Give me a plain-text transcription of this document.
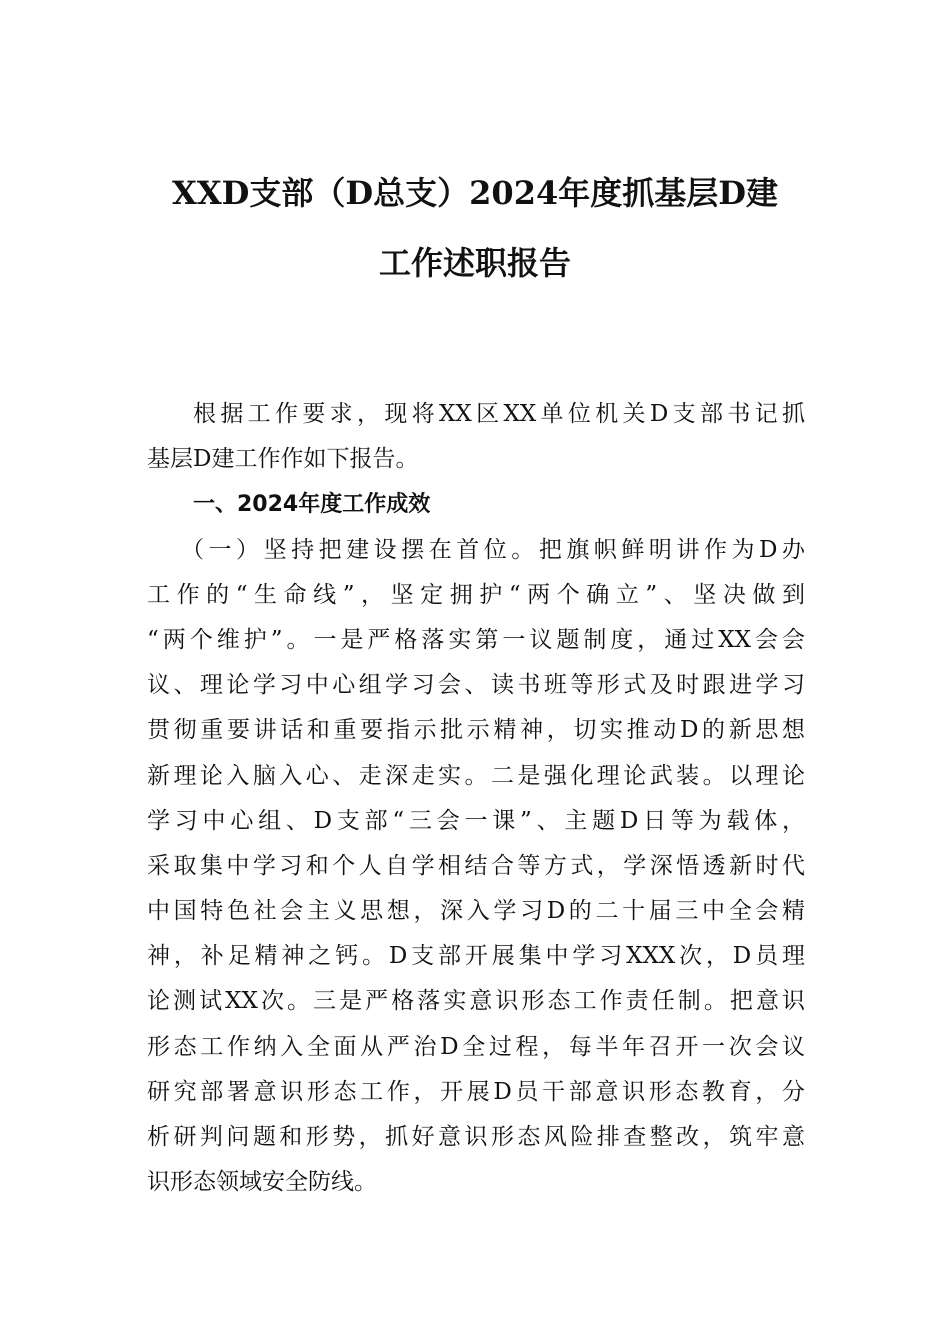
XXD支部（D总支）2024年度抓基层D建
工作述职报告
根据工作要求，现将XX区XX单位机关D支部书记抓
基层D建工作作如下报告。
一、2024年度工作成效
（一）坚持把建设摆在首位。把旗帜鲜明讲作为D办
工作的“生命线”，坚定拥护“两个确立”、坚决做到
“两个维护”。一是严格落实第一议题制度，通过XX会会
议、理论学习中心组学习会、读书班等形式及时跟进学习
贯彻重要讲话和重要指示批示精神，切实推动D的新思想
新理论入脑入心、走深走实。二是强化理论武装。以理论
学习中心组、D支部“三会一课”、主题D日等为载体，
采取集中学习和个人自学相结合等方式，学深悟透新时代
中国特色社会主义思想，深入学习D的二十届三中全会精
神，补足精神之钙。D支部开展集中学习XXX次，D员理
论测试XX次。三是严格落实意识形态工作责任制。把意识
形态工作纳入全面从严治D全过程，每半年召开一次会议
研究部署意识形态工作，开展D员干部意识形态教育，分
析研判问题和形势，抓好意识形态风险排查整改，筑牢意
识形态领域安全防线。
